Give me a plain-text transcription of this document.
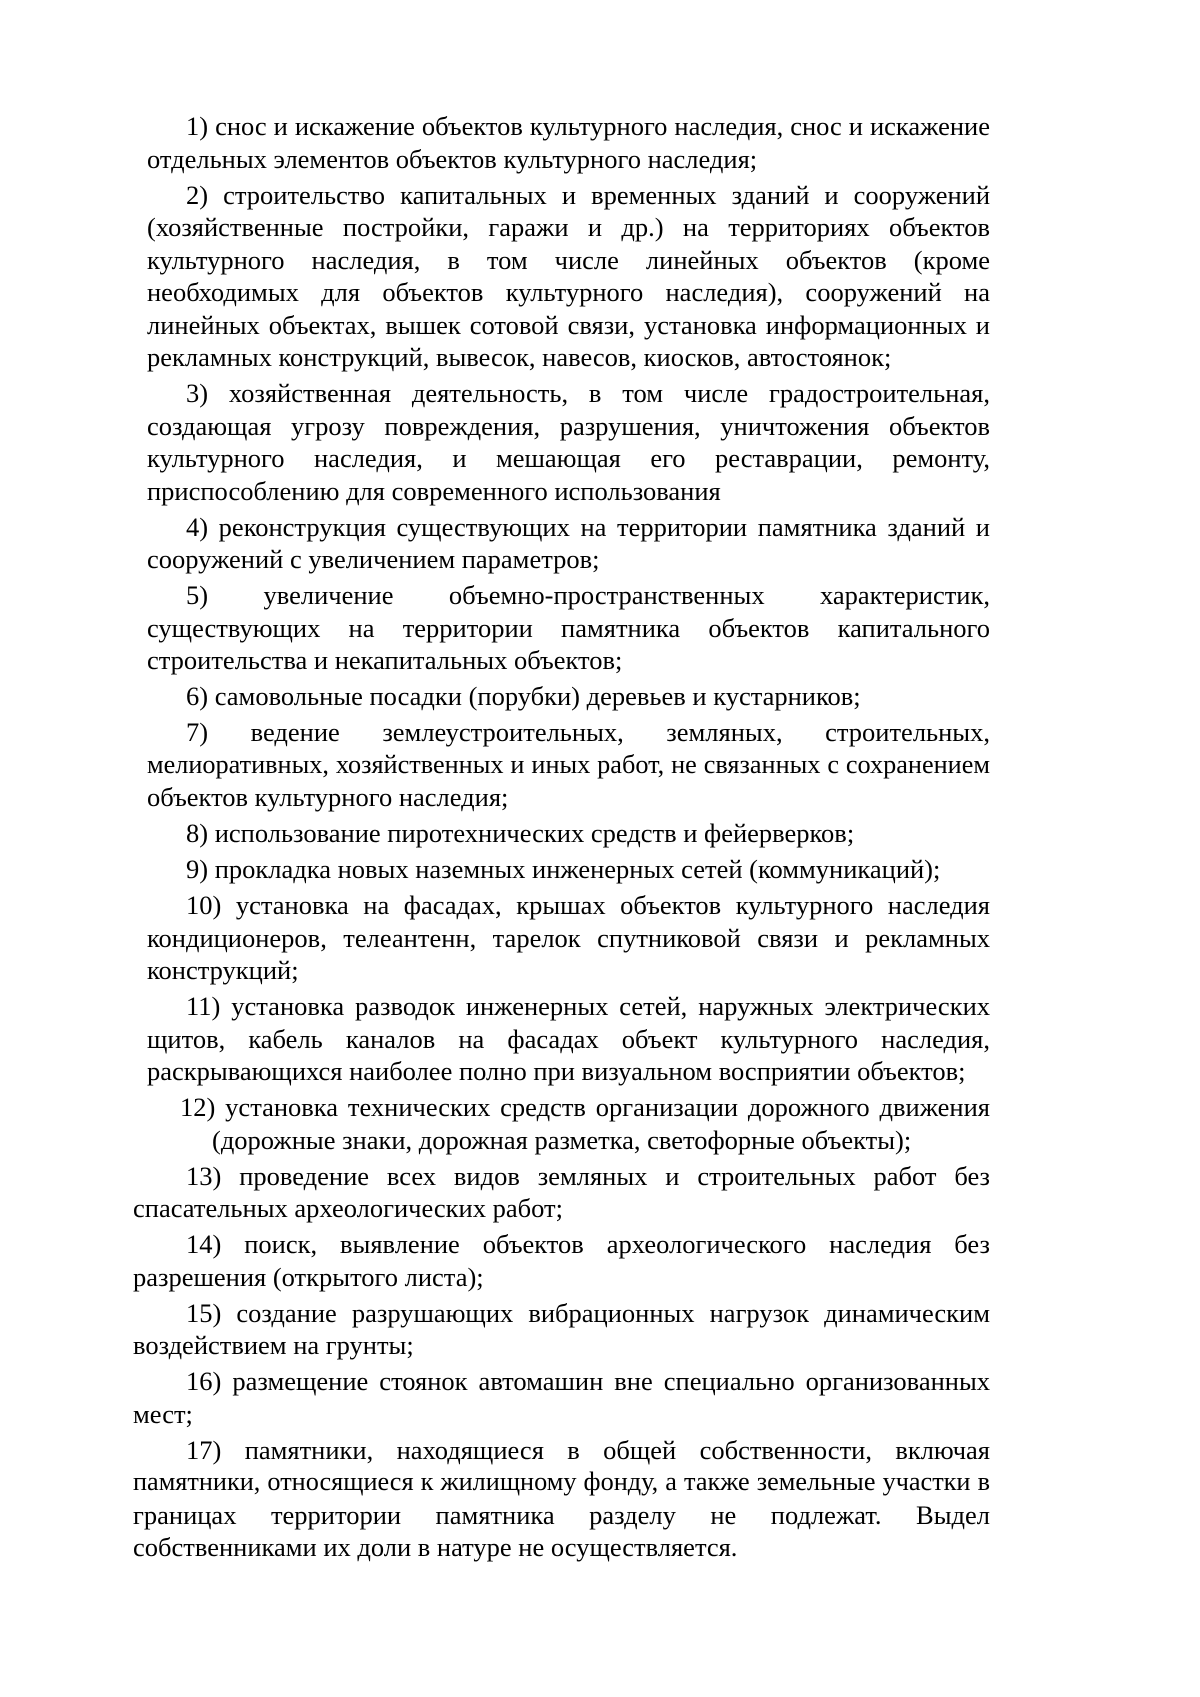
1) снос и искажение объектов культурного наследия, снос и искажение
отдельных элементов объектов культурного наследия;
2) строительство капитальных и временных зданий и сооружений
(хозяйственные постройки, гаражи и др.) на территориях объектов
культурного наследия, в том числе линейных объектов (кроме
необходимых для объектов культурного наследия), сооружений на
линейных объектах, вышек сотовой связи, установка информационных и
рекламных конструкций, вывесок, навесов, киосков, автостоянок;
3) хозяйственная деятельность, в том числе градостроительная,
создающая угрозу повреждения, разрушения, уничтожения объектов
культурного наследия, и мешающая его реставрации, ремонту,
приспособлению для современного использования
4) реконструкция существующих на территории памятника зданий и
сооружений с увеличением параметров;
5) увеличение объемно-пространственных характеристик,
существующих на территории памятника объектов капитального
строительства и некапитальных объектов;
6) самовольные посадки (порубки) деревьев и кустарников;
7) ведение землеустроительных, земляных, строительных,
мелиоративных, хозяйственных и иных работ, не связанных с сохранением
объектов культурного наследия;
8) использование пиротехнических средств и фейерверков;
9) прокладка новых наземных инженерных сетей (коммуникаций);
10) установка на фасадах, крышах объектов культурного наследия
кондиционеров, телеантенн, тарелок спутниковой связи и рекламных
конструкций;
11) установка разводок инженерных сетей, наружных электрических
щитов, кабель каналов на фасадах объект культурного наследия,
раскрывающихся наиболее полно при визуальном восприятии объектов;
12) установка технических средств организации дорожного движения
(дорожные знаки, дорожная разметка, светофорные объекты);
13) проведение всех видов земляных и строительных работ без
спасательных археологических работ;
14) поиск, выявление объектов археологического наследия без
разрешения (открытого листа);
15) создание разрушающих вибрационных нагрузок динамическим
воздействием на грунты;
16) размещение стоянок автомашин вне специально организованных
мест;
17) памятники, находящиеся в общей собственности, включая
памятники, относящиеся к жилищному фонду, а также земельные участки в
границах территории памятника разделу не подлежат. Выдел
собственниками их доли в натуре не осуществляется.
